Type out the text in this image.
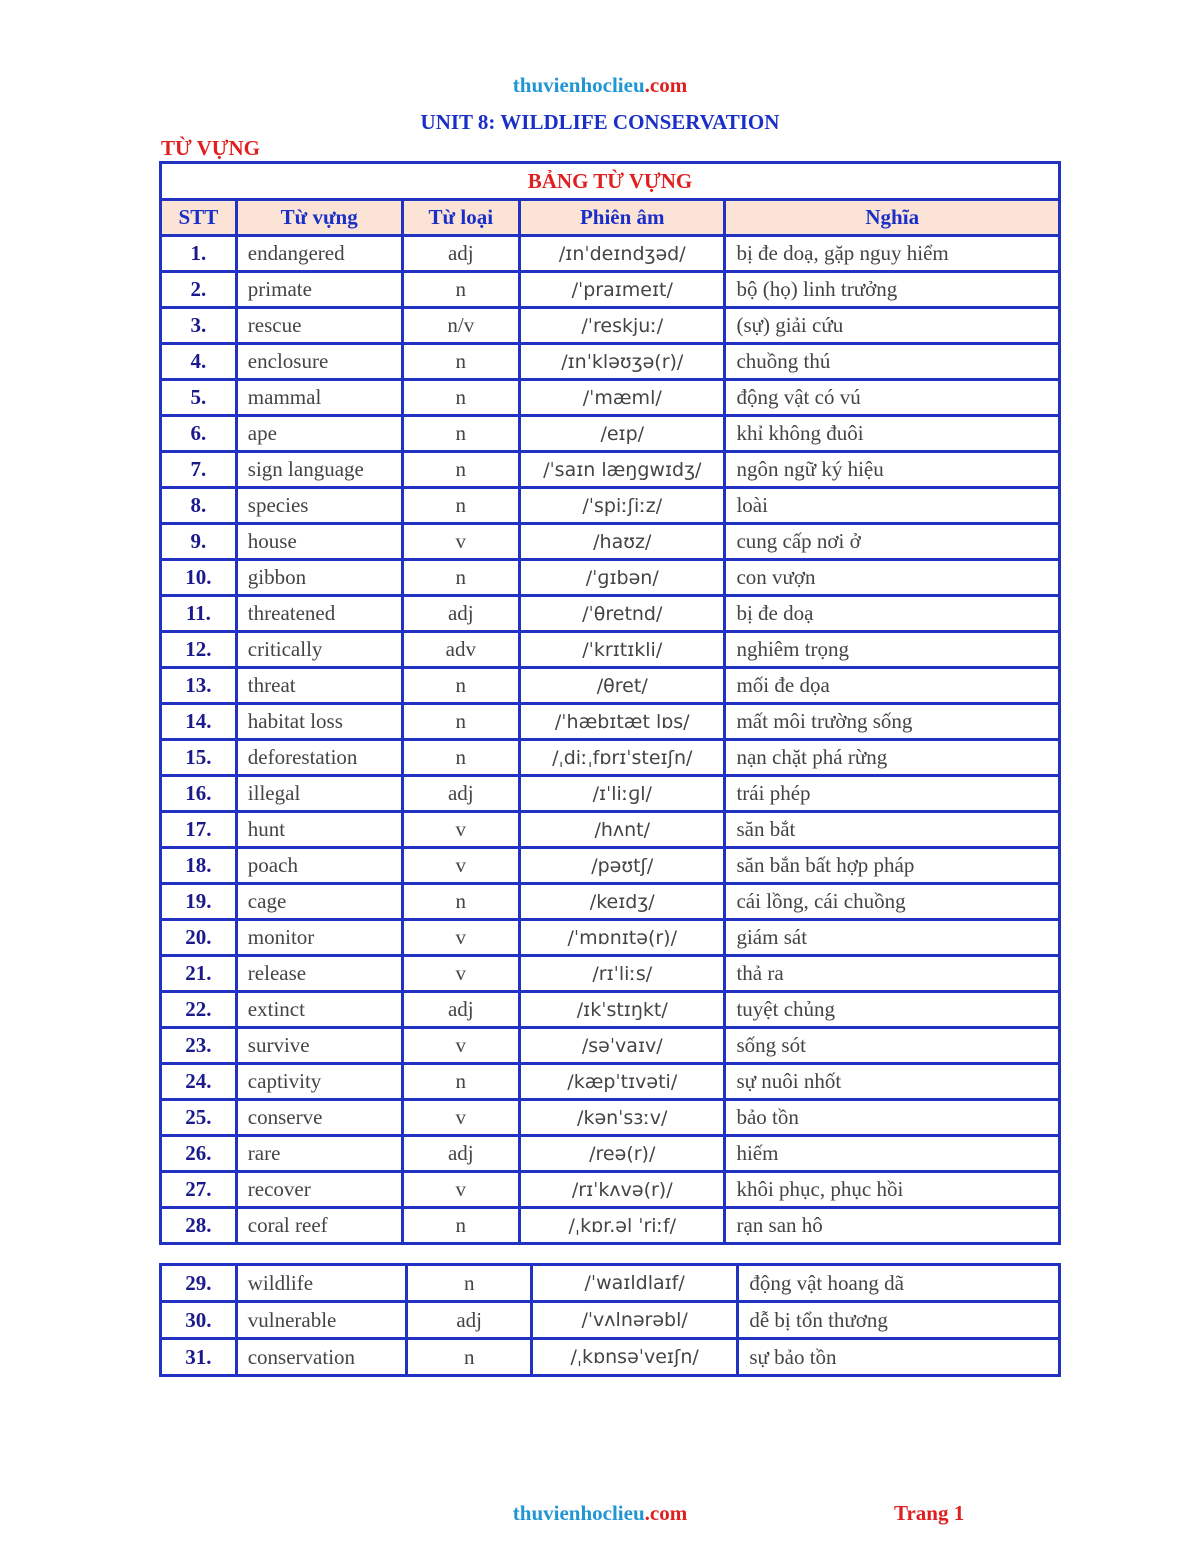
thuvienhoclieu.com
UNIT 8: WILDLIFE CONSERVATION
TỪ VỰNG
BẢNG TỪ VỰNG				
STT	Từ vựng	Từ loại	Phiên âm	Nghĩa
1.	endangered	adj	/ɪnˈdeɪndʒəd/	bị đe doạ, gặp nguy hiểm
2.	primate	n	/ˈpraɪmeɪt/	bộ (họ) linh trưởng
3.	rescue	n/v	/ˈreskjuː/	(sự) giải cứu
4.	enclosure	n	/ɪnˈkləʊʒə(r)/	chuồng thú
5.	mammal	n	/ˈmæml/	động vật có vú
6.	ape	n	/eɪp/	khỉ không đuôi
7.	sign language	n	/ˈsaɪn læŋgwɪdʒ/	ngôn ngữ ký hiệu
8.	species	n	/ˈspiːʃiːz/	loài
9.	house	v	/haʊz/	cung cấp nơi ở
10.	gibbon	n	/ˈɡɪbən/	con vượn
11.	threatened	adj	/ˈθretnd/	bị đe doạ
12.	critically	adv	/ˈkrɪtɪkli/	nghiêm trọng
13.	threat	n	/θret/	mối đe dọa
14.	habitat loss	n	/ˈhæbɪtæt lɒs/	mất môi trường sống
15.	deforestation	n	/ˌdiːˌfɒrɪˈsteɪʃn/	nạn chặt phá rừng
16.	illegal	adj	/ɪˈliːɡl/	trái phép
17.	hunt	v	/hʌnt/	săn bắt
18.	poach	v	/pəʊtʃ/	săn bắn bất hợp pháp
19.	cage	n	/keɪdʒ/	cái lồng, cái chuồng
20.	monitor	v	/ˈmɒnɪtə(r)/	giám sát
21.	release	v	/rɪˈliːs/	thả ra
22.	extinct	adj	/ɪkˈstɪŋkt/	tuyệt chủng
23.	survive	v	/səˈvaɪv/	sống sót
24.	captivity	n	/kæpˈtɪvəti/	sự nuôi nhốt
25.	conserve	v	/kənˈsɜːv/	bảo tồn
26.	rare	adj	/reə(r)/	hiếm
27.	recover	v	/rɪˈkʌvə(r)/	khôi phục, phục hồi
28.	coral reef	n	/ˌkɒr.əl ˈriːf/	rạn san hô
29.	wildlife	n	/ˈwaɪldlaɪf/	động vật hoang dã
30.	vulnerable	adj	/ˈvʌlnərəbl/	dễ bị tổn thương
31.	conservation	n	/ˌkɒnsəˈveɪʃn/	sự bảo tồn
thuvienhoclieu.com	Trang 1
